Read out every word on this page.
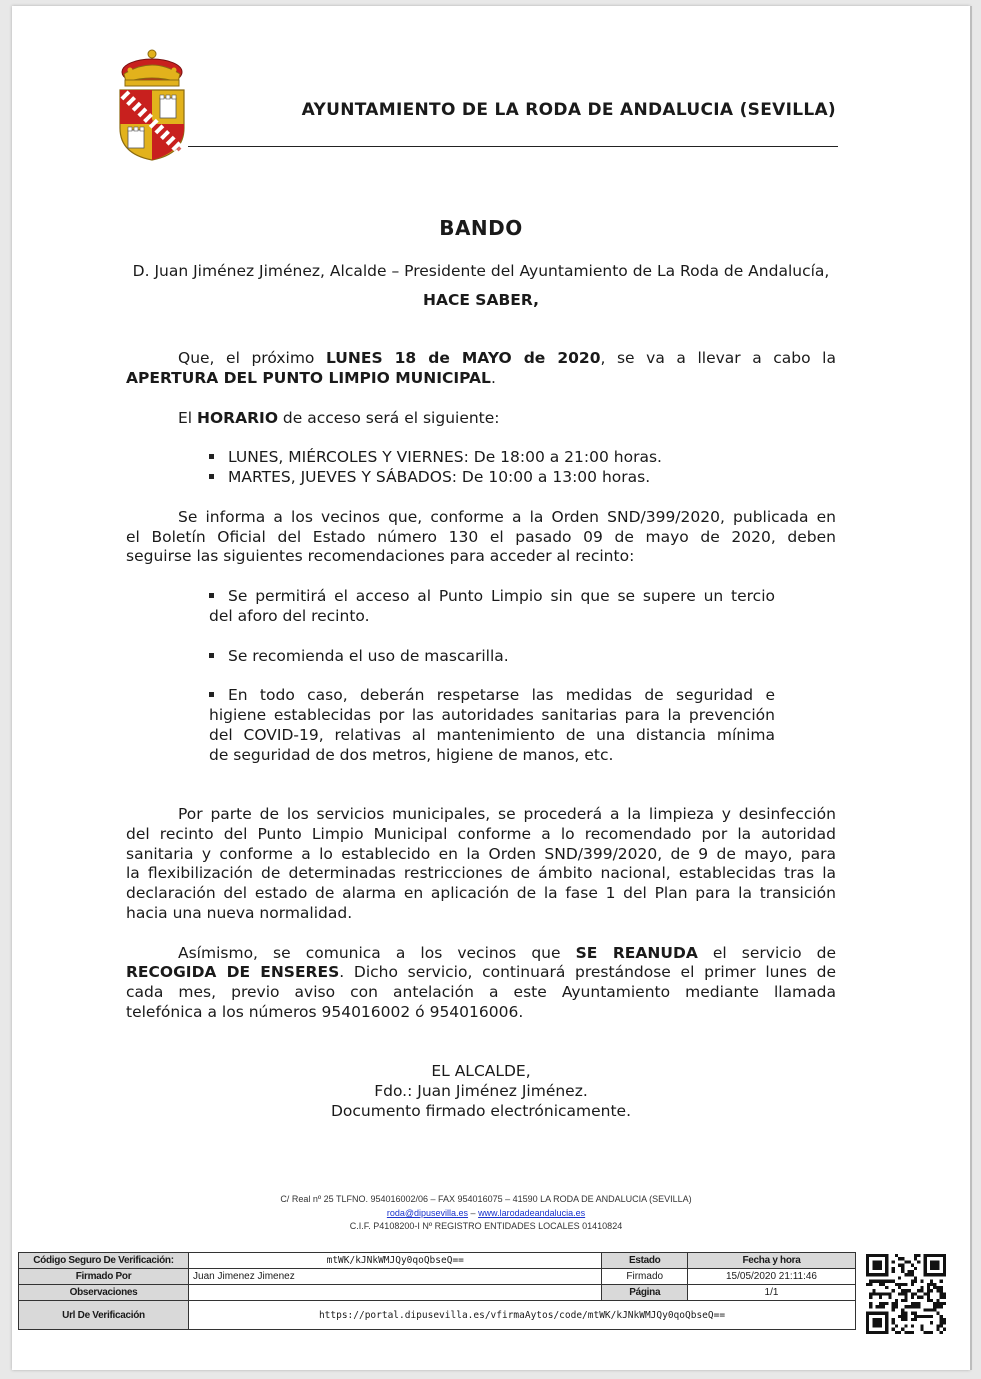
AYUNTAMIENTO DE LA RODA DE ANDALUCIA (SEVILLA)
BANDO
D. Juan Jiménez Jiménez, Alcalde – Presidente del Ayuntamiento de La Roda de Andalucía,
HACE SABER,
Que, el próximo LUNES 18 de MAYO de 2020, se va a llevar a cabo la
APERTURA DEL PUNTO LIMPIO MUNICIPAL.
El HORARIO de acceso será el siguiente:
LUNES, MIÉRCOLES Y VIERNES: De 18:00 a 21:00 horas.
MARTES, JUEVES Y SÁBADOS: De 10:00 a 13:00 horas.
Se informa a los vecinos que, conforme a la Orden SND/399/2020, publicada en
el Boletín Oficial del Estado número 130 el pasado 09 de mayo de 2020, deben
seguirse las siguientes recomendaciones para acceder al recinto:
Se permitirá el acceso al Punto Limpio sin que se supere un tercio
del aforo del recinto.
Se recomienda el uso de mascarilla.
En todo caso, deberán respetarse las medidas de seguridad e
higiene establecidas por las autoridades sanitarias para la prevención
del COVID-19, relativas al mantenimiento de una distancia mínima
de seguridad de dos metros, higiene de manos, etc.
Por parte de los servicios municipales, se procederá a la limpieza y desinfección
del recinto del Punto Limpio Municipal conforme a lo recomendado por la autoridad
sanitaria y conforme a lo establecido en la Orden SND/399/2020, de 9 de mayo, para
la flexibilización de determinadas restricciones de ámbito nacional, establecidas tras la
declaración del estado de alarma en aplicación de la fase 1 del Plan para la transición
hacia una nueva normalidad.
Asímismo, se comunica a los vecinos que SE REANUDA el servicio de
RECOGIDA DE ENSERES. Dicho servicio, continuará prestándose el primer lunes de
cada mes, previo aviso con antelación a este Ayuntamiento mediante llamada
telefónica a los números 954016002 ó 954016006.
EL ALCALDE,
Fdo.: Juan Jiménez Jiménez.
Documento firmado electrónicamente.
C/ Real nº 25 TLFNO. 954016002/06 – FAX 954016075 – 41590 LA RODA DE ANDALUCIA (SEVILLA)
roda@dipusevilla.es – www.larodadeandalucia.es
C.I.F. P4108200-I Nº REGISTRO ENTIDADES LOCALES 01410824
Código Seguro De Verificación:	mtWK/kJNkWMJQy0qoQbseQ==	Estado	Fecha y hora
Firmado Por	Juan Jimenez Jimenez	Firmado	15/05/2020 21:11:46
Observaciones		Página	1/1
Url De Verificación	https://portal.dipusevilla.es/vfirmaAytos/code/mtWK/kJNkWMJQy0qoQbseQ==		
